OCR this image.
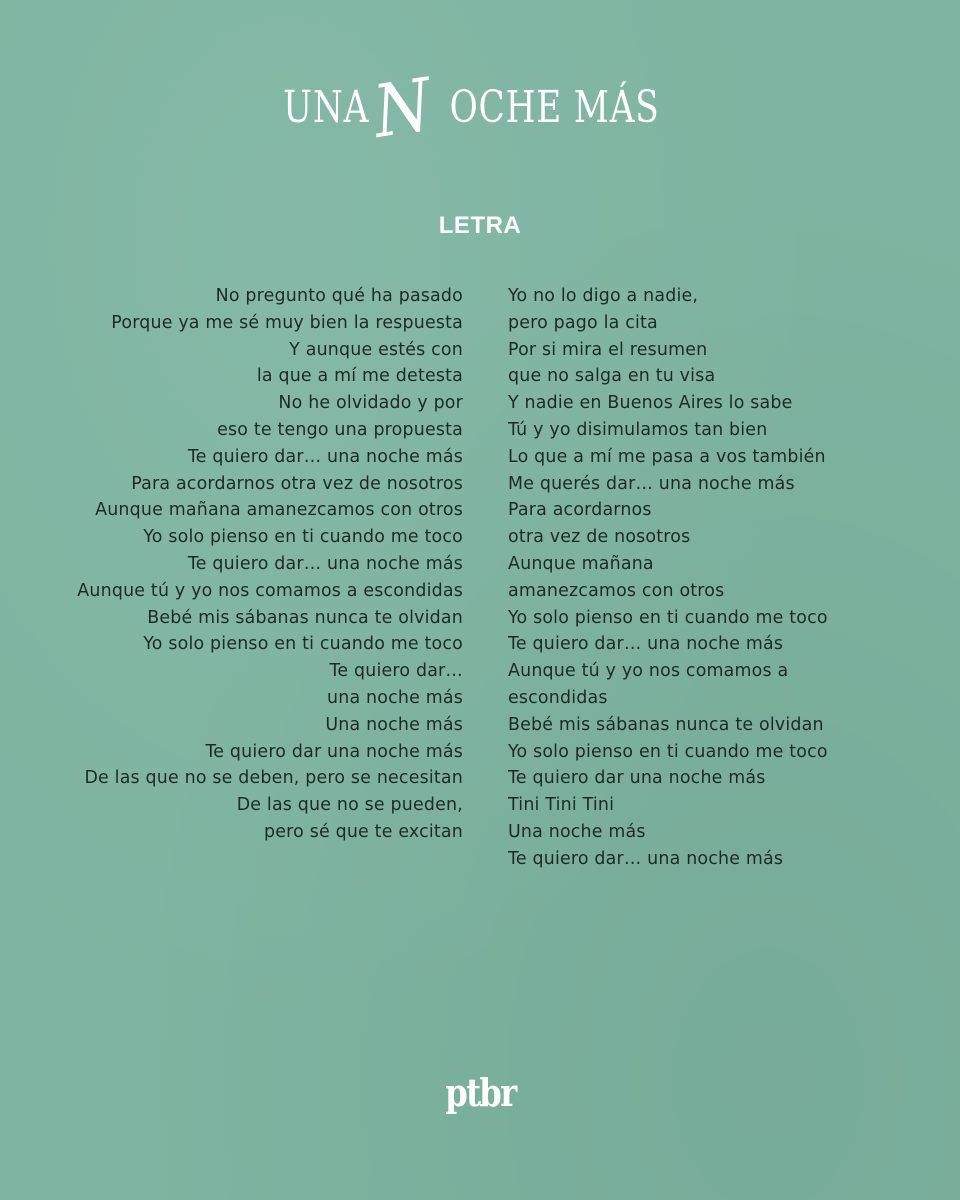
UNAN OCHE MÁS
LETRA
No pregunto qué ha pasado
Porque ya me sé muy bien la respuesta
Y aunque estés con
la que a mí me detesta
No he olvidado y por
eso te tengo una propuesta
Te quiero dar… una noche más
Para acordarnos otra vez de nosotros
Aunque mañana amanezcamos con otros
Yo solo pienso en ti cuando me toco
Te quiero dar… una noche más
Aunque tú y yo nos comamos a escondidas
Bebé mis sábanas nunca te olvidan
Yo solo pienso en ti cuando me toco
Te quiero dar…
una noche más
Una noche más
Te quiero dar una noche más
De las que no se deben, pero se necesitan
De las que no se pueden,
pero sé que te excitan
Yo no lo digo a nadie,
pero pago la cita
Por si mira el resumen
que no salga en tu visa
Y nadie en Buenos Aires lo sabe
Tú y yo disimulamos tan bien
Lo que a mí me pasa a vos también
Me querés dar… una noche más
Para acordarnos
otra vez de nosotros
Aunque mañana
amanezcamos con otros
Yo solo pienso en ti cuando me toco
Te quiero dar… una noche más
Aunque tú y yo nos comamos a
escondidas
Bebé mis sábanas nunca te olvidan
Yo solo pienso en ti cuando me toco
Te quiero dar una noche más
Tini Tini Tini
Una noche más
Te quiero dar… una noche más
ptbr
